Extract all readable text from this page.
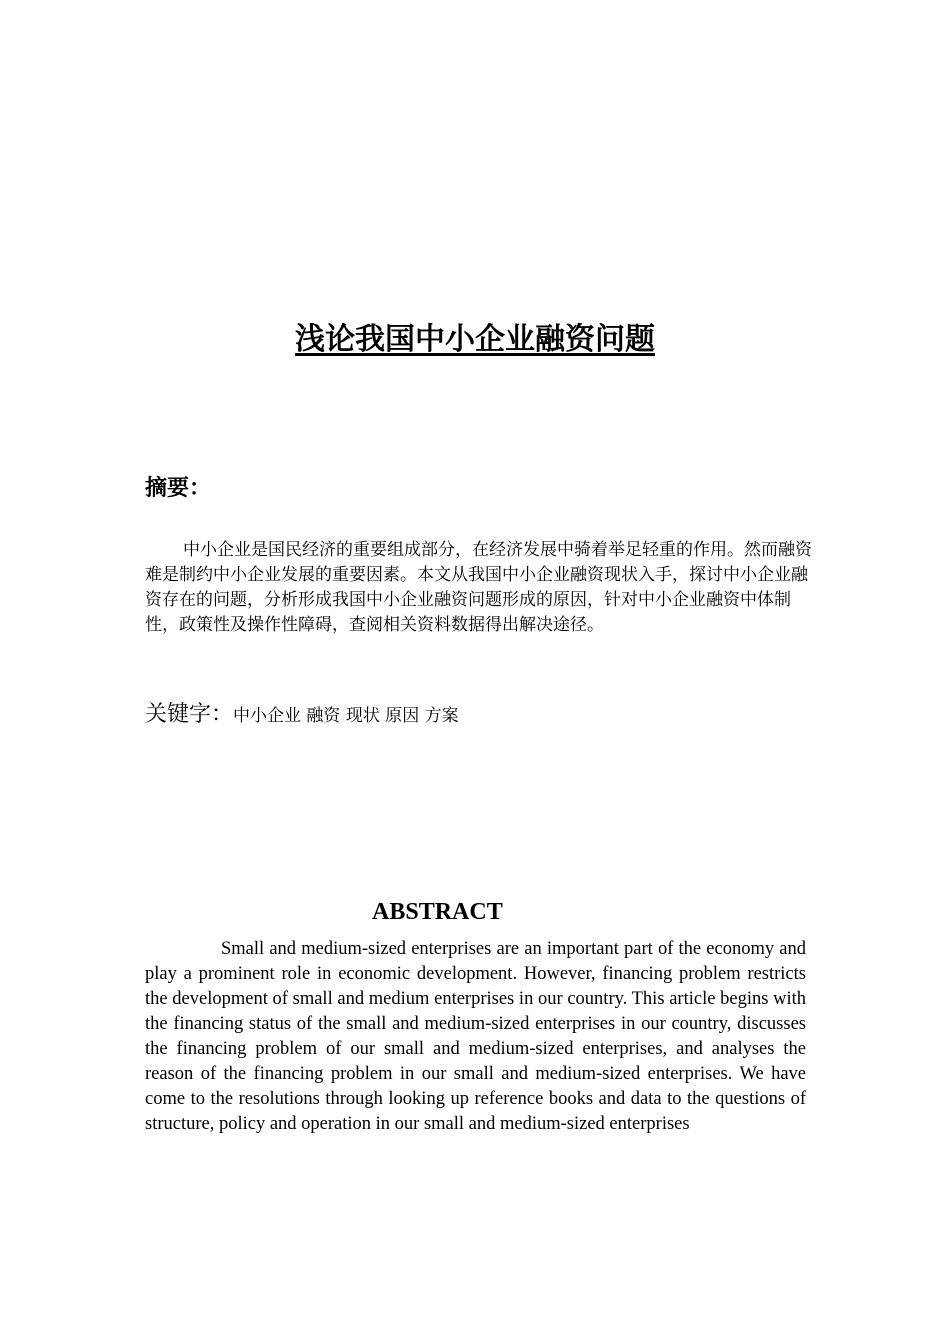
浅论我国中小企业融资问题
摘要：

中小企业是国民经济的重要组成部分，在经济发展中骑着举足轻重的作用。然而融资难是制约中小企业发展的重要因素。本文从我国中小企业融资现状入手，探讨中小企业融资存在的问题，分析形成我国中小企业融资问题形成的原因，针对中小企业融资中体制性，政策性及操作性障碍，查阅相关资料数据得出解决途径。

关键字：中小企业 融资 现状 原因 方案

ABSTRACT

Small and medium-sized enterprises are an important part of the economy and play a prominent role in economic development. However, financing problem restricts the development of small and medium enterprises in our country. This article begins with the financing status of the small and medium-sized enterprises in our country, discusses the financing problem of our small and medium-sized enterprises, and analyses the reason of the financing problem in our small and medium-sized enterprises. We have come to the resolutions through looking up reference books and data to the questions of structure, policy and operation in our small and medium-sized enterprises
